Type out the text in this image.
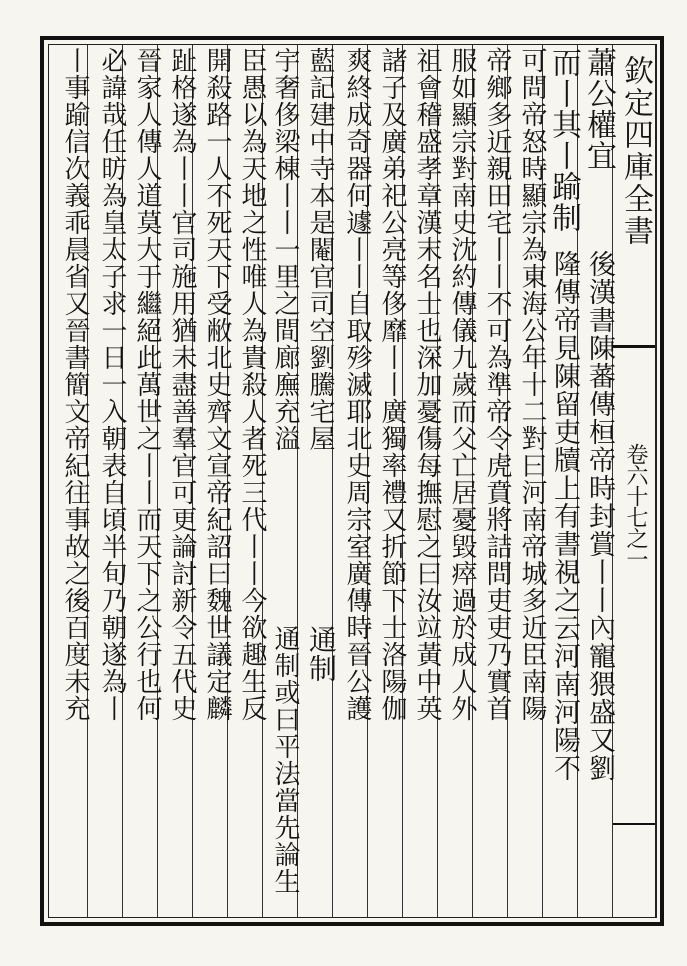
欽定四庫全書
卷六十七之一
蕭公權宜
後漢書陳蕃傳桓帝時封賞丨丨內寵猥盛又劉
而丨其丨踰制
隆傳帝見陳留吏牘上有書視之云河南河陽不
可問帝怒時顯宗為東海公年十二對曰河南帝城多近臣南陽
帝鄉多近親田宅丨丨不可為準帝令虎賁將詰問吏吏乃實首
服如顯宗對南史沈約傳儀九歲而父亡居憂毀瘁過於成人外
祖會稽盛孝章漢末名士也深加憂傷每撫慰之曰汝竝黃中英
諸子及廣弟祀公亮等侈靡丨丨廣獨率禮又折節下士洛陽伽
爽終成奇器何遽丨丨自取殄滅耶北史周宗室廣傳時晉公護
藍記建中寺本是閹官司空劉騰宅屋
宇奢侈梁棟丨丨一里之間廊廡充溢
通制
通制或曰平法當先論生
臣愚以為天地之性唯人為貴殺人者死三代丨丨今欲趣生反
開殺路一人不死天下受敝北史齊文宣帝紀詔曰魏世議定麟
趾格遂為丨丨官司施用猶未盡善羣官可更論討新令五代史
晉家人傳人道莫大于繼絕此萬世之丨丨而天下之公行也何
必諱哉任昉為皇太子求一日一入朝表自頃半旬乃朝遂為丨
丨事踰信次義乖晨省又晉書簡文帝紀往事故之後百度未充
